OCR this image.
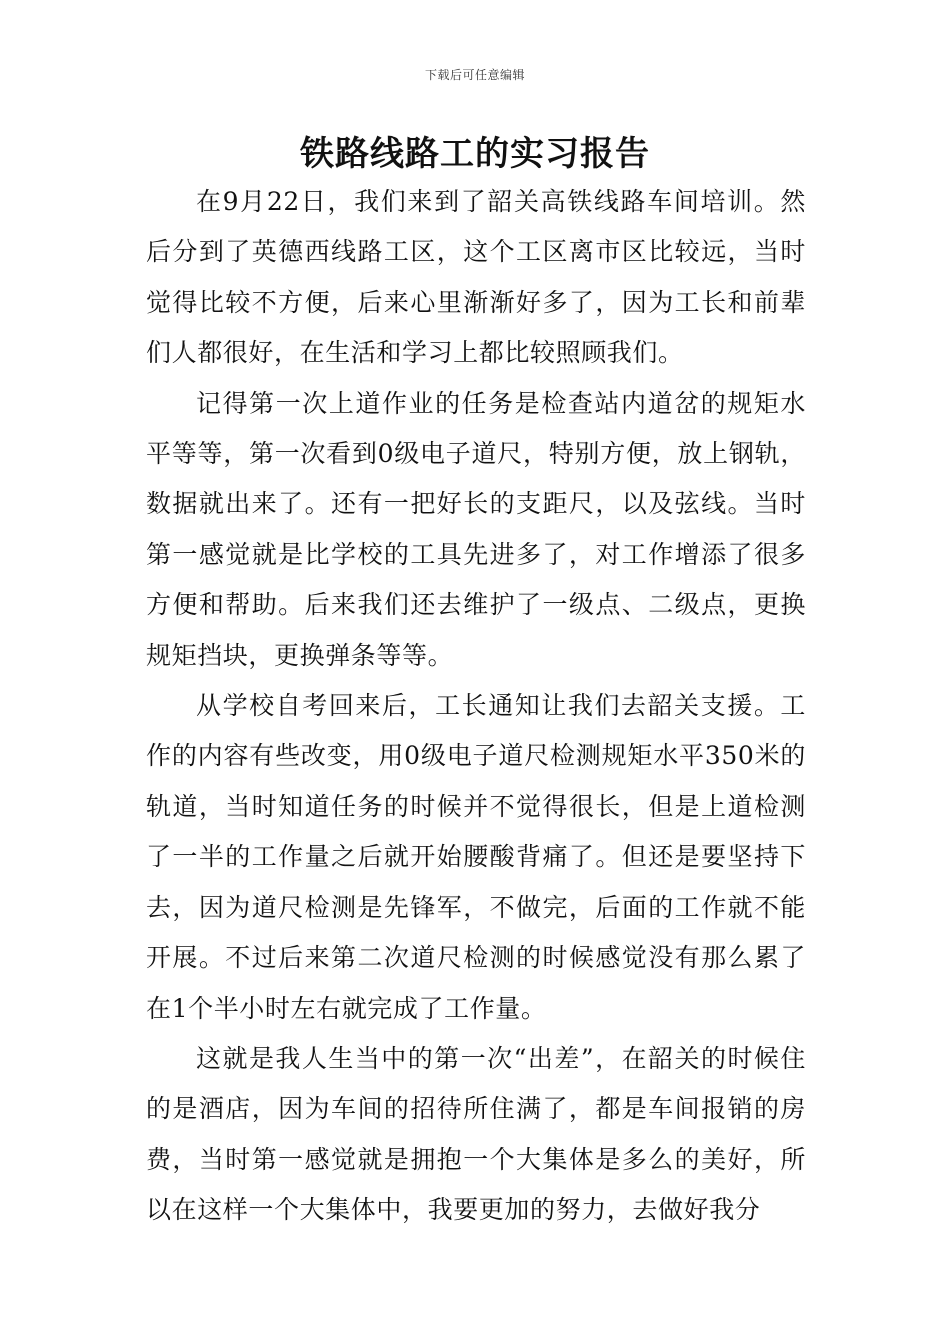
下载后可任意编辑
铁路线路工的实习报告

在9月22日，我们来到了韶关高铁线路车间培训。然后分到了英德西线路工区，这个工区离市区比较远，当时觉得比较不方便，后来心里渐渐好多了，因为工长和前辈们人都很好，在生活和学习上都比较照顾我们。

记得第一次上道作业的任务是检查站内道岔的规矩水平等等，第一次看到0级电子道尺，特别方便，放上钢轨，数据就出来了。还有一把好长的支距尺，以及弦线。当时第一感觉就是比学校的工具先进多了，对工作增添了很多方便和帮助。后来我们还去维护了一级点、二级点，更换规矩挡块，更换弹条等等。

从学校自考回来后，工长通知让我们去韶关支援。工作的内容有些改变，用0级电子道尺检测规矩水平350米的轨道，当时知道任务的时候并不觉得很长，但是上道检测了一半的工作量之后就开始腰酸背痛了。但还是要坚持下去，因为道尺检测是先锋军，不做完，后面的工作就不能开展。不过后来第二次道尺检测的时候感觉没有那么累了在1个半小时左右就完成了工作量。

这就是我人生当中的第一次“出差”，在韶关的时候住的是酒店，因为车间的招待所住满了，都是车间报销的房费，当时第一感觉就是拥抱一个大集体是多么的美好，所以在这样一个大集体中，我要更加的努力，去做好我分
